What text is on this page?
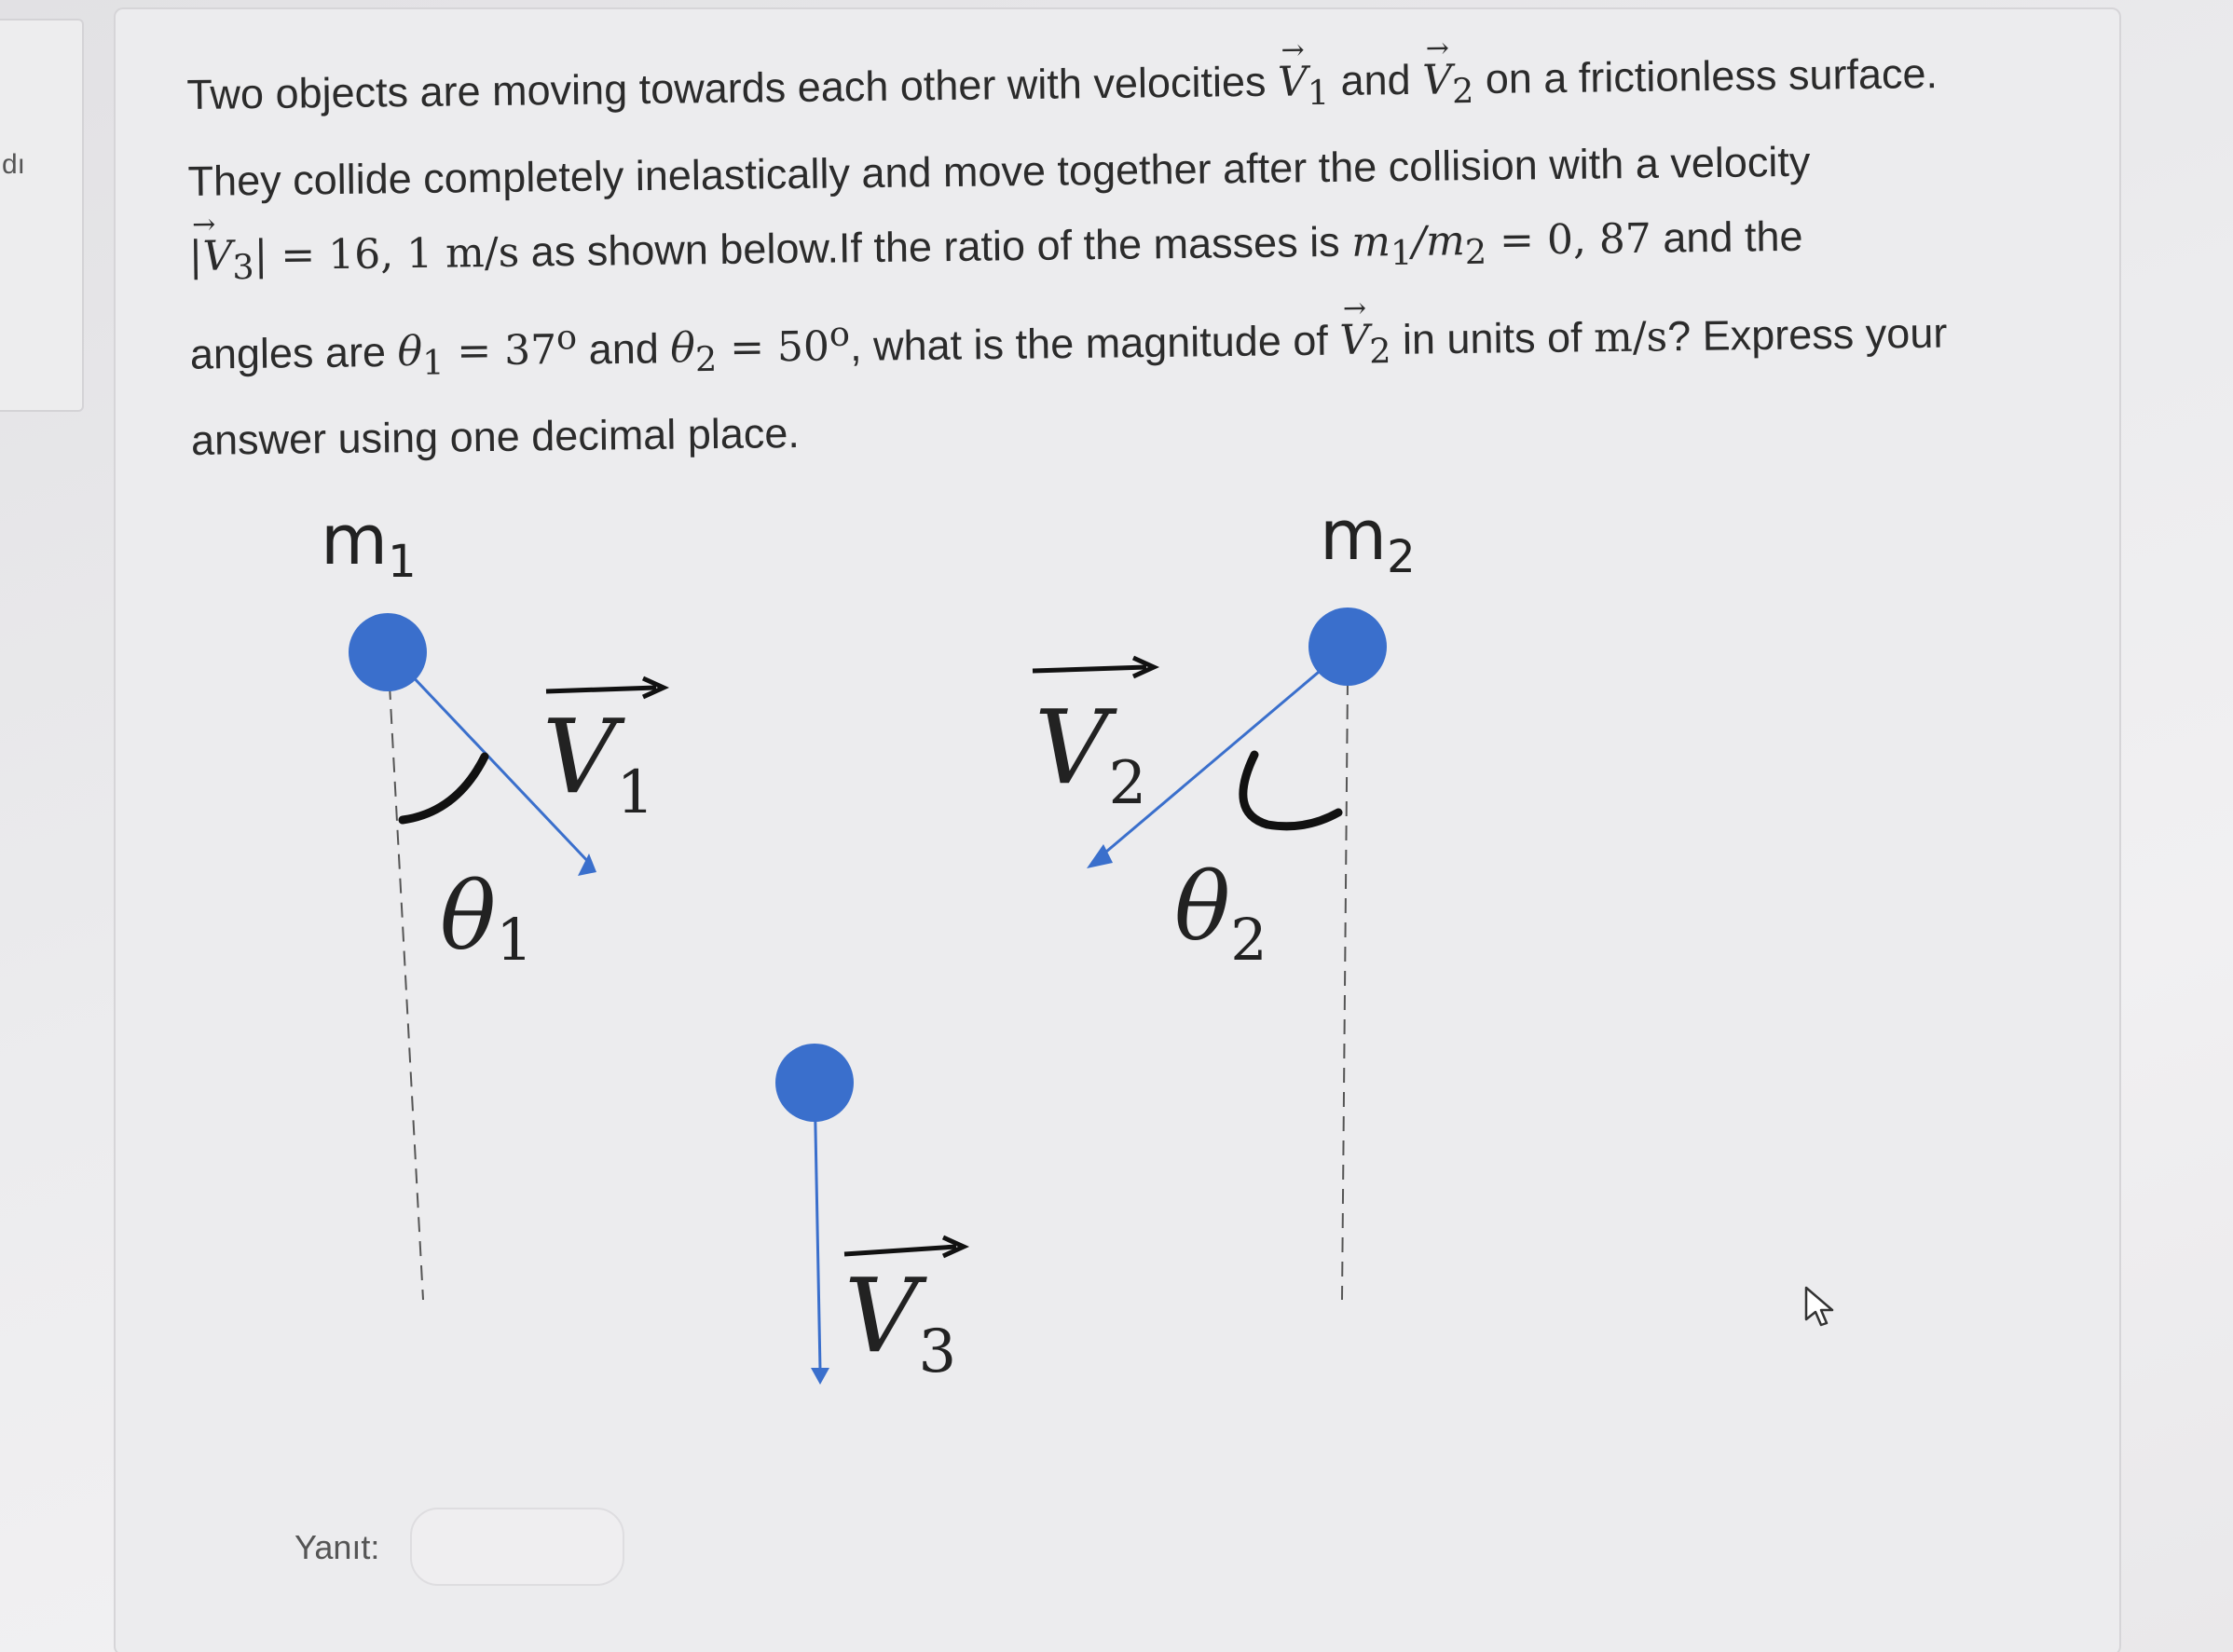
dı
Two objects are moving towards each other with velocities → $V_1$ and → $V_2$ on a frictionless surface.
They collide completely inelastically and move together after the collision with a velocity
→ $|V_3| = 16$, 1 m/s as shown below.If the ratio of the masses is $m_1/m_2 = 0$, 87 and the
angles are $\theta_1 = 37^o$ and $\theta_2 = 50^o$, what is the magnitude of → $V_2$ in units of m/s? Express your
answer using one decimal place.
m1	m2
$V_1$
θ1
$V_2$
$\theta_2$
$V_3$
Yanıt:
